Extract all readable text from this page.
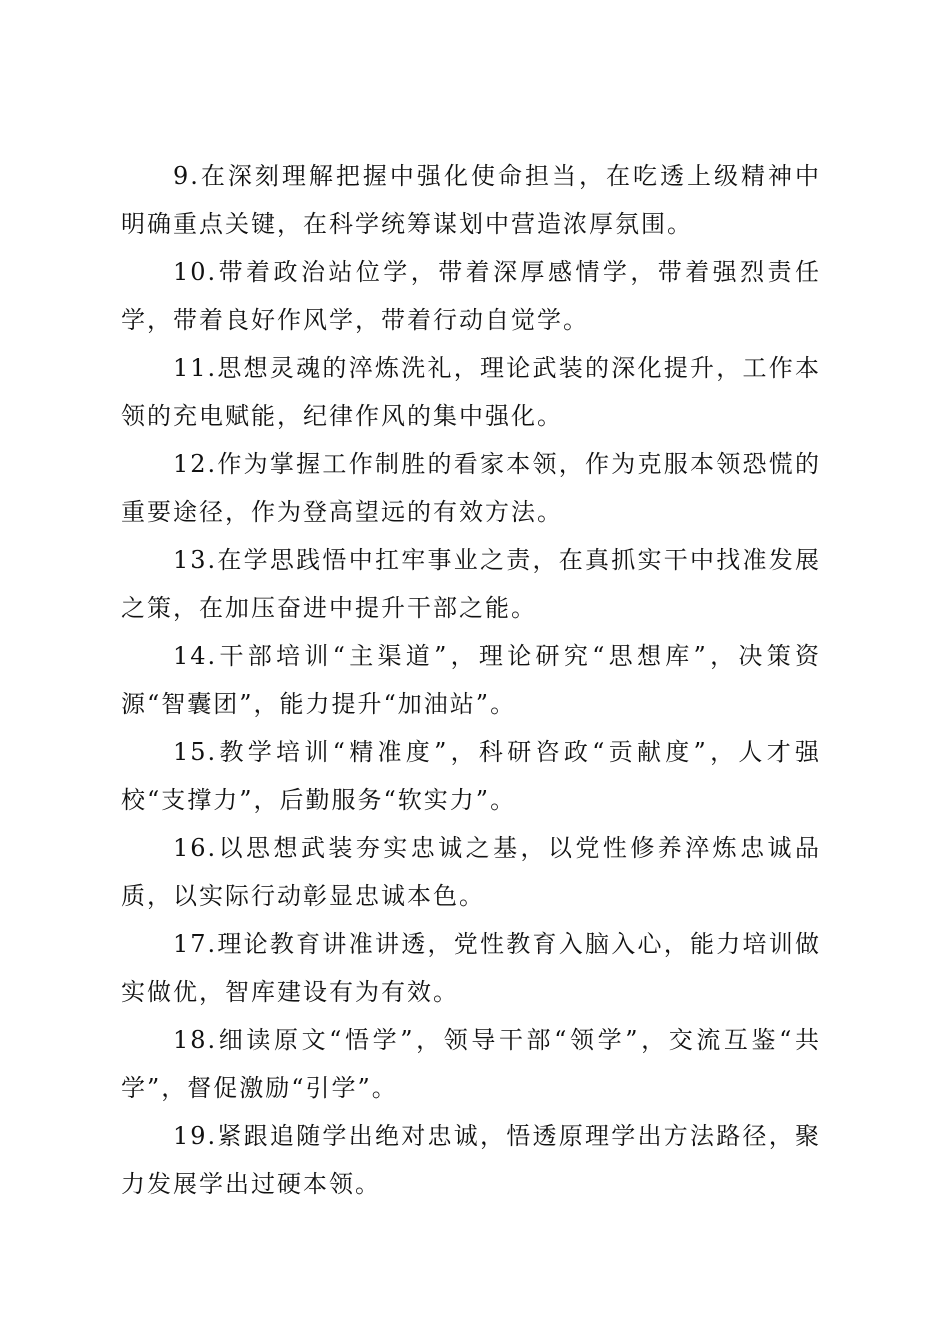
9.在深刻理解把握中强化使命担当，在吃透上级精神中明确重点关键，在科学统筹谋划中营造浓厚氛围。

10.带着政治站位学，带着深厚感情学，带着强烈责任学，带着良好作风学，带着行动自觉学。

11.思想灵魂的淬炼洗礼，理论武装的深化提升，工作本领的充电赋能，纪律作风的集中强化。

12.作为掌握工作制胜的看家本领，作为克服本领恐慌的重要途径，作为登高望远的有效方法。

13.在学思践悟中扛牢事业之责，在真抓实干中找准发展之策，在加压奋进中提升干部之能。

14.干部培训“主渠道”，理论研究“思想库”，决策资源“智囊团”，能力提升“加油站”。

15.教学培训“精准度”，科研咨政“贡献度”，人才强校“支撑力”，后勤服务“软实力”。

16.以思想武装夯实忠诚之基，以党性修养淬炼忠诚品质，以实际行动彰显忠诚本色。

17.理论教育讲准讲透，党性教育入脑入心，能力培训做实做优，智库建设有为有效。

18.细读原文“悟学”，领导干部“领学”，交流互鉴“共学”，督促激励“引学”。

19.紧跟追随学出绝对忠诚，悟透原理学出方法路径，聚力发展学出过硬本领。
